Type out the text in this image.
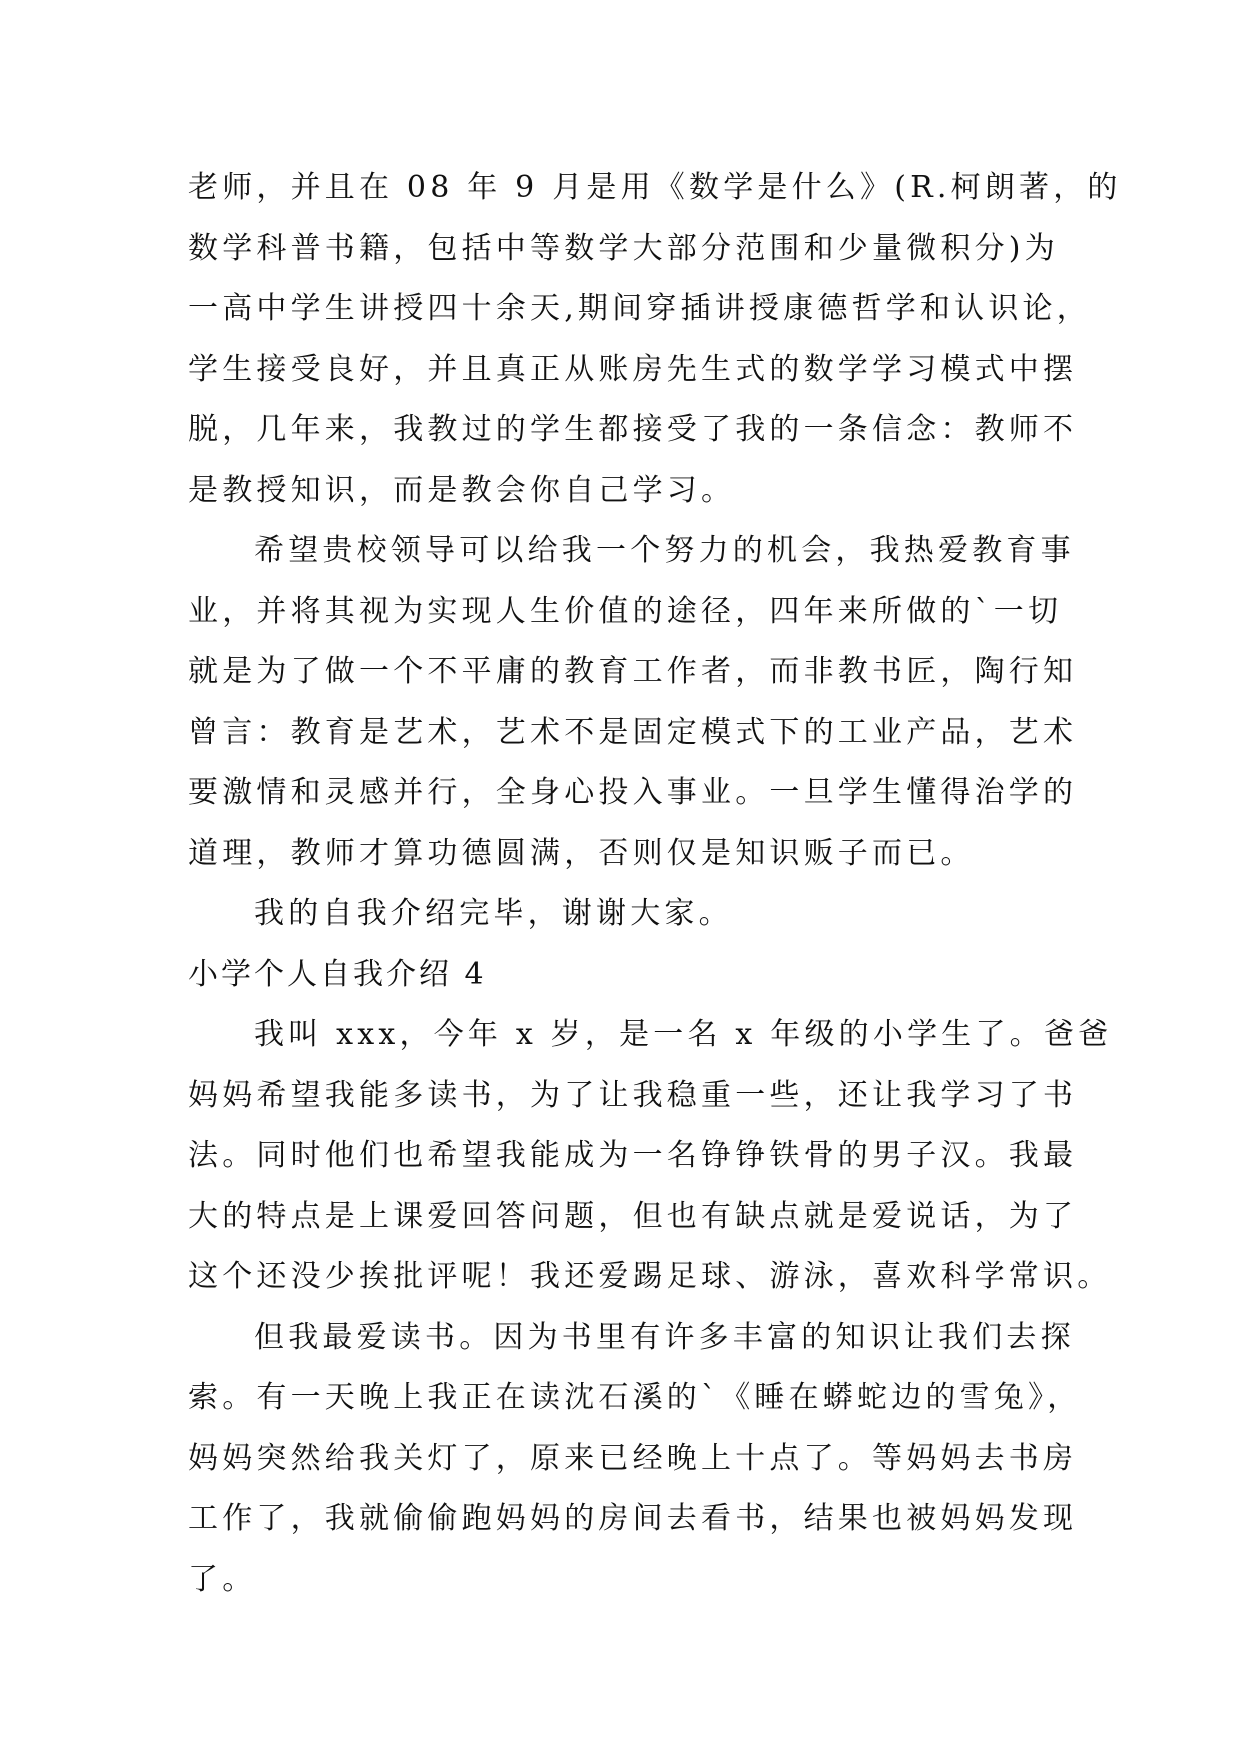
老师，并且在 08 年 9 月是用《数学是什么》(R.柯朗著，的
数学科普书籍，包括中等数学大部分范围和少量微积分)为
一高中学生讲授四十余天,期间穿插讲授康德哲学和认识论，
学生接受良好，并且真正从账房先生式的数学学习模式中摆
脱，几年来，我教过的学生都接受了我的一条信念：教师不
是教授知识，而是教会你自己学习。
希望贵校领导可以给我一个努力的机会，我热爱教育事
业，并将其视为实现人生价值的途径，四年来所做的`一切
就是为了做一个不平庸的教育工作者，而非教书匠，陶行知
曾言：教育是艺术，艺术不是固定模式下的工业产品，艺术
要激情和灵感并行，全身心投入事业。一旦学生懂得治学的
道理，教师才算功德圆满，否则仅是知识贩子而已。
我的自我介绍完毕，谢谢大家。
小学个人自我介绍 4
我叫 xxx，今年 x 岁，是一名 x 年级的小学生了。爸爸
妈妈希望我能多读书，为了让我稳重一些，还让我学习了书
法。同时他们也希望我能成为一名铮铮铁骨的男子汉。我最
大的特点是上课爱回答问题，但也有缺点就是爱说话，为了
这个还没少挨批评呢！我还爱踢足球、游泳，喜欢科学常识。
但我最爱读书。因为书里有许多丰富的知识让我们去探
索。有一天晚上我正在读沈石溪的`《睡在蟒蛇边的雪兔》，
妈妈突然给我关灯了，原来已经晚上十点了。等妈妈去书房
工作了，我就偷偷跑妈妈的房间去看书，结果也被妈妈发现
了。
